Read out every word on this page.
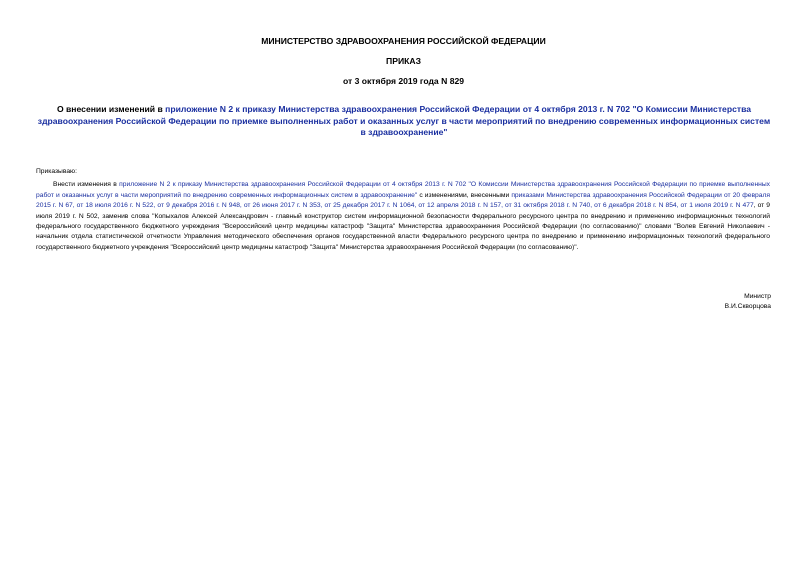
МИНИСТЕРСТВО ЗДРАВООХРАНЕНИЯ РОССИЙСКОЙ ФЕДЕРАЦИИ
ПРИКАЗ
от 3 октября 2019 года N 829
О внесении изменений в приложение N 2 к приказу Министерства здравоохранения Российской Федерации от 4 октября 2013 г. N 702 "О Комиссии Министерства здравоохранения Российской Федерации по приемке выполненных работ и оказанных услуг в части мероприятий по внедрению современных информационных систем в здравоохранение"

Приказываю:

Внести изменения в приложение N 2 к приказу Министерства здравоохранения Российской Федерации от 4 октября 2013 г. N 702 "О Комиссии Министерства здравоохранения Российской Федерации по приемке выполненных работ и оказанных услуг в части мероприятий по внедрению современных информационных систем в здравоохранение" с изменениями, внесенными приказами Министерства здравоохранения Российской Федерации от 20 февраля 2015 г. N 67, от 18 июля 2016 г. N 522, от 9 декабря 2016 г. N 948, от 26 июня 2017 г. N 353, от 25 декабря 2017 г. N 1064, от 12 апреля 2018 г. N 157, от 31 октября 2018 г. N 740, от 6 декабря 2018 г. N 854, от 1 июля 2019 г. N 477, от 9 июля 2019 г. N 502, заменив слова "Копыхалов Алексей Александрович - главный конструктор систем информационной безопасности Федерального ресурсного центра по внедрению и применению информационных технологий федерального государственного бюджетного учреждения "Всероссийский центр медицины катастроф "Защита" Министерства здравоохранения Российской Федерации (по согласованию)" словами "Волев Евгений Николаевич - начальник отдела статистической отчетности Управления методического обеспечения органов государственной власти Федерального ресурсного центра по внедрению и применению информационных технологий федерального государственного бюджетного учреждения "Всероссийский центр медицины катастроф "Защита" Министерства здравоохранения Российской Федерации (по согласованию)".

Министр
В.И.Скворцова
